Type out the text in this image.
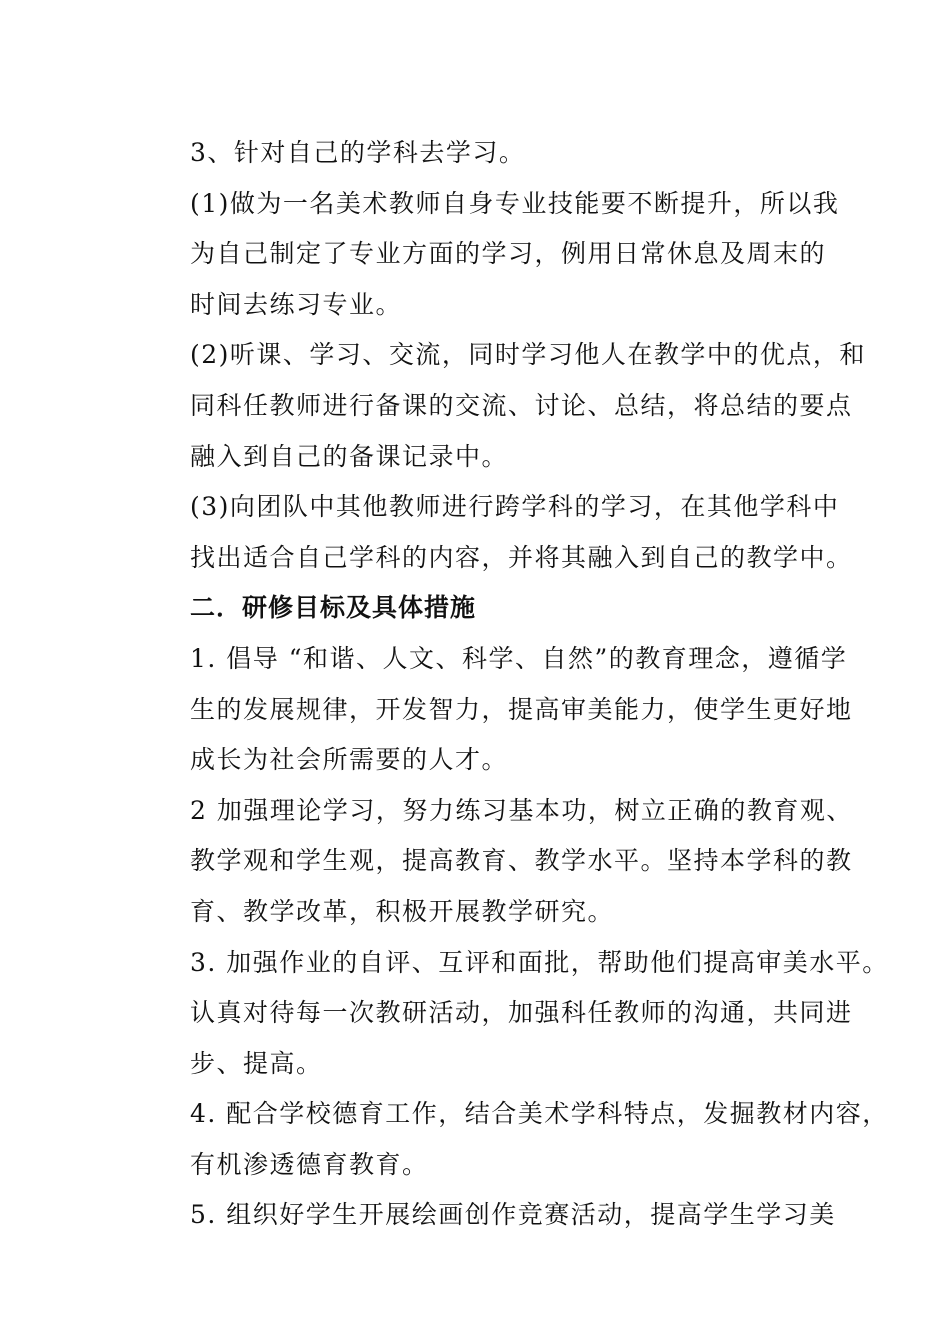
3、针对自己的学科去学习。
(1)做为一名美术教师自身专业技能要不断提升，所以我
为自己制定了专业方面的学习，例用日常休息及周末的
时间去练习专业。
(2)听课、学习、交流，同时学习他人在教学中的优点，和
同科任教师进行备课的交流、讨论、总结，将总结的要点
融入到自己的备课记录中。
(3)向团队中其他教师进行跨学科的学习，在其他学科中
找出适合自己学科的内容，并将其融入到自己的教学中。
二．研修目标及具体措施
1. 倡导 “和谐、人文、科学、自然”的教育理念，遵循学
生的发展规律，开发智力，提高审美能力，使学生更好地
成长为社会所需要的人才。
2 加强理论学习，努力练习基本功，树立正确的教育观、
教学观和学生观，提高教育、教学水平。坚持本学科的教
育、教学改革，积极开展教学研究。
3. 加强作业的自评、互评和面批，帮助他们提高审美水平。
认真对待每一次教研活动，加强科任教师的沟通，共同进
步、提高。
4. 配合学校德育工作，结合美术学科特点，发掘教材内容，
有机渗透德育教育。
5. 组织好学生开展绘画创作竞赛活动，提高学生学习美
